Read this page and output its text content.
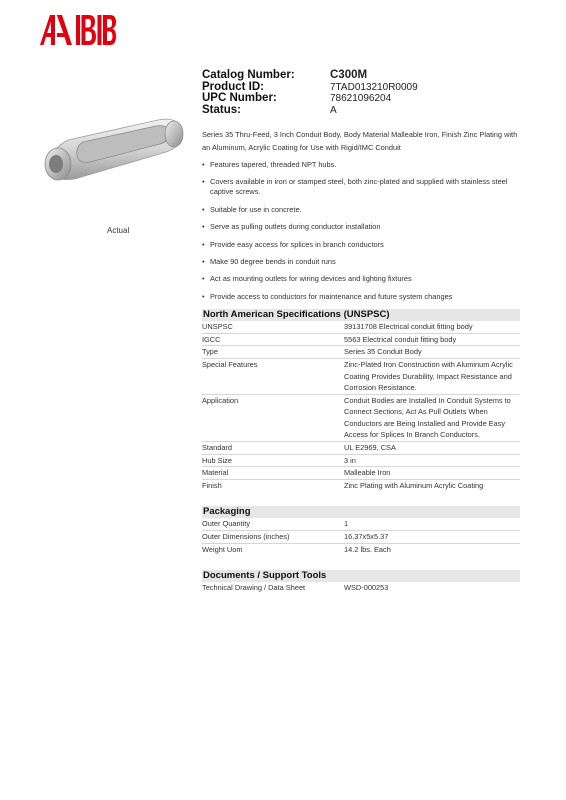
Actual
Catalog Number:	C300M
Product ID:	7TAD013210R0009
UPC Number:	78621096204
Status:	A
Series 35 Thru-Feed, 3 Inch Conduit Body, Body Material Malleable Iron, Finish Zinc Plating with an Aluminum, Acrylic Coating for Use with Rigid/IMC Conduit
• Features tapered, threaded NPT hubs.
• Covers available in iron or stamped steel, both zinc-plated and supplied with stainless steel captive screws.
• Suitable for use in concrete.
• Serve as pulling outlets during conductor installation
• Provide easy access for splices in branch conductors
• Make 90 degree bends in conduit runs
• Act as mounting outlets for wiring devices and lighting fixtures
• Provide access to conductors for maintenance and future system changes
North American Specifications (UNSPSC)
UNSPSC	39131708 Electrical conduit fitting body
IGCC	5563 Electrical conduit fitting body
Type	Series 35 Conduit Body
Special Features	Zinc-Plated Iron Construction with Aluminum Acrylic Coating Provides Durability, Impact Resistance and Corrosion Resistance.
Application	Conduit Bodies are Installed In Conduit Systems to Connect Sections, Act As Pull Outlets When Conductors are Being Installed and Provide Easy Access for Splices In Branch Conductors.
Standard	UL E2969, CSA
Hub Size	3 in
Material	Malleable Iron
Finish	Zinc Plating with Aluminum Acrylic Coating
Packaging
Outer Quantity	1
Outer Dimensions (inches)	16.37x5x5.37
Weight Uom	14.2 lbs. Each
Documents / Support Tools
Technical Drawing / Data Sheet	WSD-000253
